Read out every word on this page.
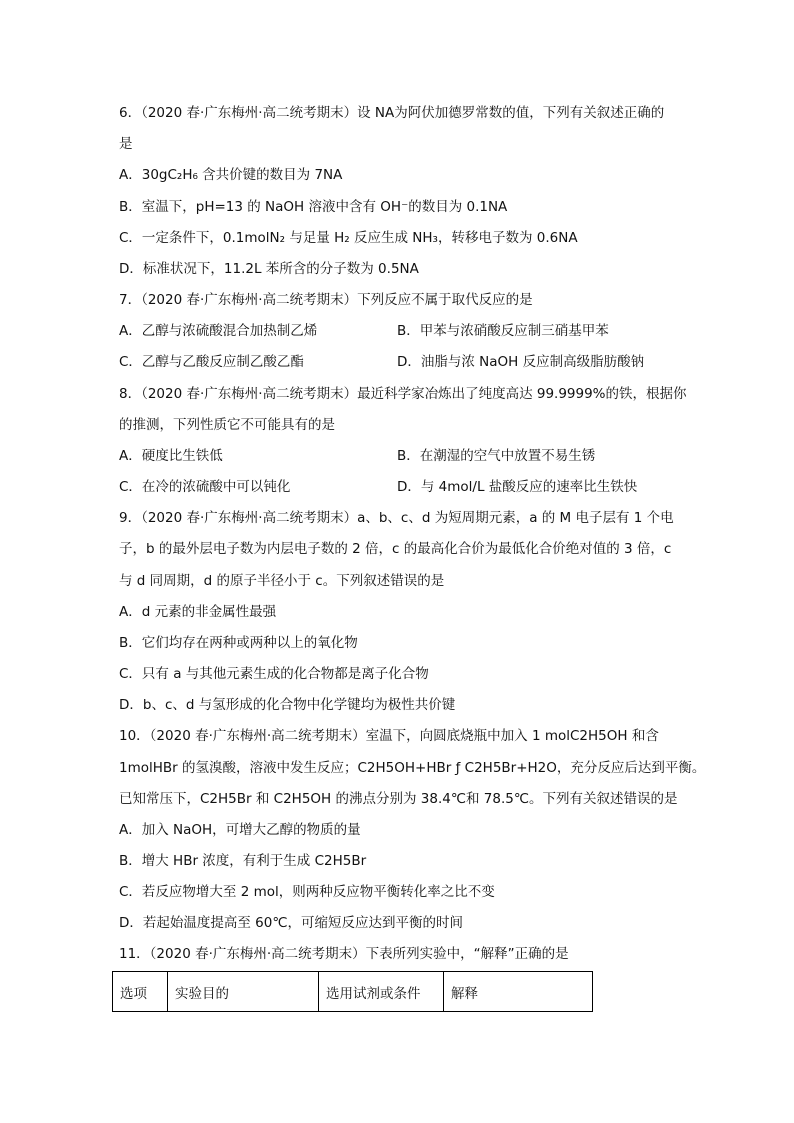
6．（2020 春·广东梅州·高二统考期末）设 NA为阿伏加德罗常数的值，下列有关叙述正确的
是
A．30gC₂H₆ 含共价键的数目为 7NA
B．室温下，pH=13 的 NaOH 溶液中含有 OH⁻的数目为 0.1NA
C．一定条件下，0.1molN₂ 与足量 H₂ 反应生成 NH₃，转移电子数为 0.6NA
D．标准状况下，11.2L 苯所含的分子数为 0.5NA
7．（2020 春·广东梅州·高二统考期末）下列反应不属于取代反应的是
A．乙醇与浓硫酸混合加热制乙烯	B．甲苯与浓硝酸反应制三硝基甲苯
C．乙醇与乙酸反应制乙酸乙酯	D．油脂与浓 NaOH 反应制高级脂肪酸钠
8．（2020 春·广东梅州·高二统考期末）最近科学家冶炼出了纯度高达 99.9999%的铁，根据你
的推测，下列性质它不可能具有的是
A．硬度比生铁低	B．在潮湿的空气中放置不易生锈
C．在冷的浓硫酸中可以钝化	D．与 4mol/L 盐酸反应的速率比生铁快
9．（2020 春·广东梅州·高二统考期末）a、b、c、d 为短周期元素，a 的 M 电子层有 1 个电
子，b 的最外层电子数为内层电子数的 2 倍，c 的最高化合价为最低化合价绝对值的 3 倍，c
与 d 同周期，d 的原子半径小于 c。下列叙述错误的是
A．d 元素的非金属性最强
B．它们均存在两种或两种以上的氧化物
C．只有 a 与其他元素生成的化合物都是离子化合物
D．b、c、d 与氢形成的化合物中化学键均为极性共价键
10．（2020 春·广东梅州·高二统考期末）室温下，向圆底烧瓶中加入 1 molC2H5OH 和含
1molHBr 的氢溴酸，溶液中发生反应；C2H5OH+HBr ƒ C2H5Br+H2O，充分反应后达到平衡。
已知常压下，C2H5Br 和 C2H5OH 的沸点分别为 38.4℃和 78.5℃。下列有关叙述错误的是
A．加入 NaOH，可增大乙醇的物质的量
B．增大 HBr 浓度，有利于生成 C2H5Br
C．若反应物增大至 2 mol，则两种反应物平衡转化率之比不变
D．若起始温度提高至 60℃，可缩短反应达到平衡的时间
11．（2020 春·广东梅州·高二统考期末）下表所列实验中，“解释”正确的是
选项	实验目的	选用试剂或条件	解释
